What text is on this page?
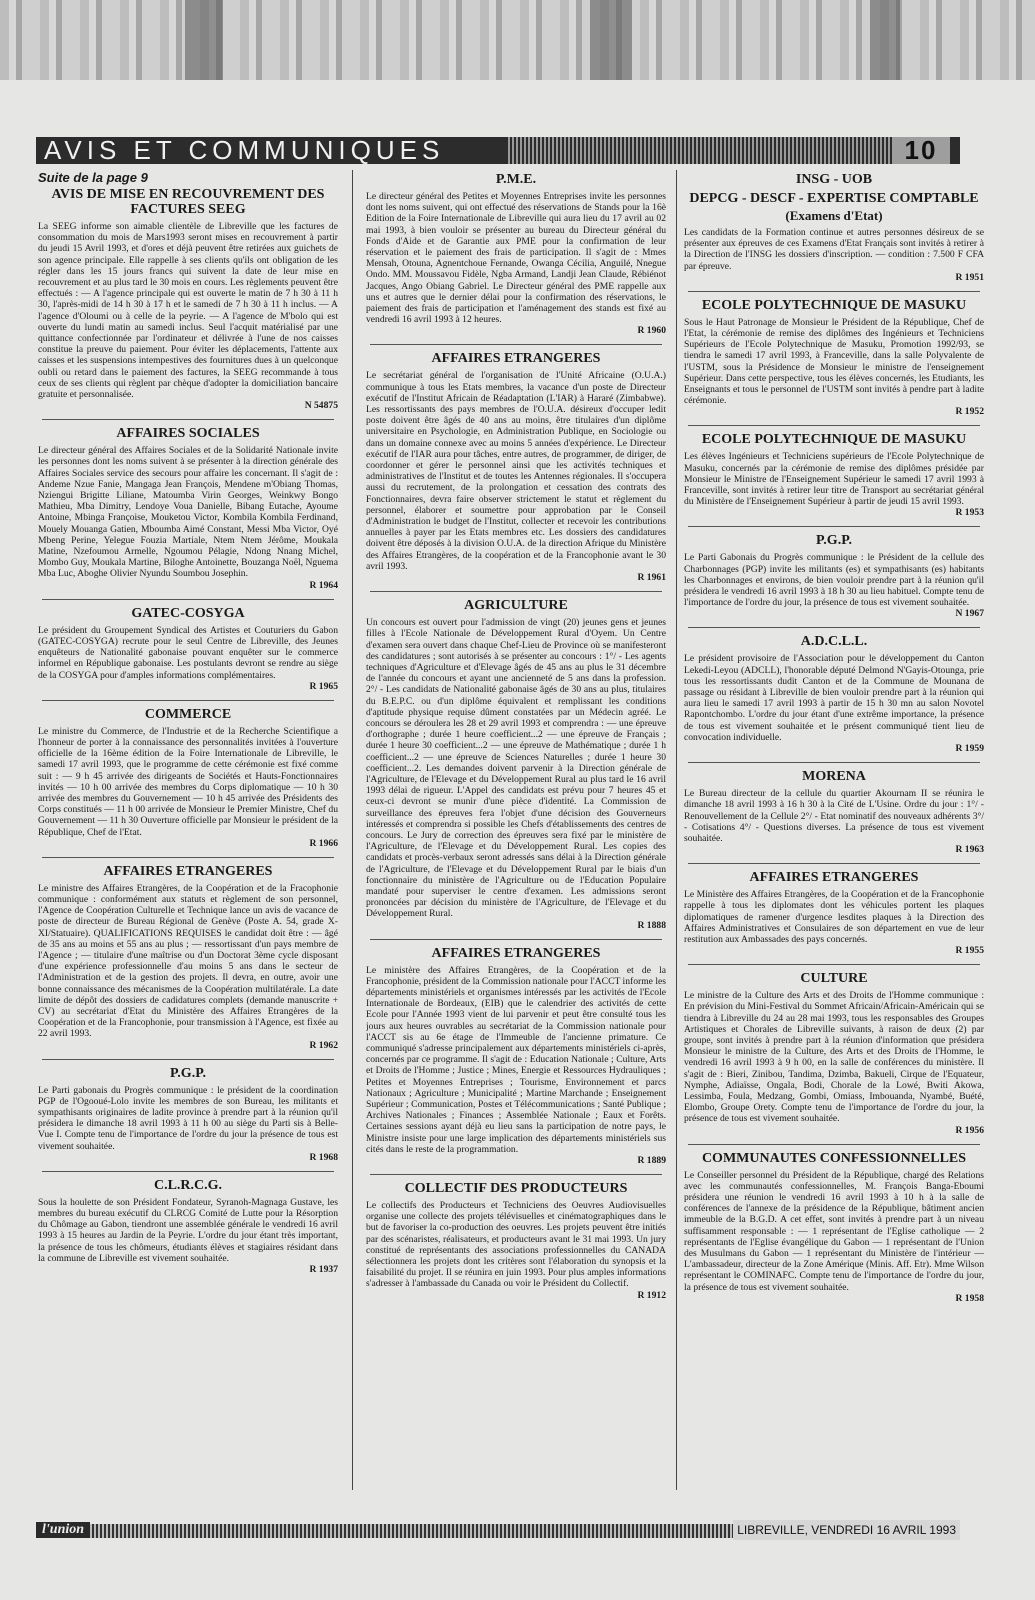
AVIS ET COMMUNIQUES	10
Suite de la page 9
AVIS DE MISE EN RECOUVREMENT DES FACTURES SEEG
La SEEG informe son aimable clientèle de Libreville que les factures de consommation du mois de Mars1993 seront mises en recouvrement à partir du jeudi 15 Avril 1993, et d'ores et déjà peuvent être retirées aux guichets de son agence principale. Elle rappelle à ses clients qu'ils ont obligation de les régler dans les 15 jours francs qui suivent la date de leur mise en recouvrement et au plus tard le 30 mois en cours. Les règlements peuvent être effectués : — A l'agence principale qui est ouverte le matin de 7 h 30 à 11 h 30, l'après-midi de 14 h 30 à 17 h et le samedi de 7 h 30 à 11 h inclus. — A l'agence d'Oloumi ou à celle de la peyrie. — A l'agence de M'bolo qui est ouverte du lundi matin au samedi inclus. Seul l'acquit matérialisé par une quittance confectionnée par l'ordinateur et délivrée à l'une de nos caisses constitue la preuve du paiement. Pour éviter les déplacements, l'attente aux caisses et les suspensions intempestives des fournitures dues à un quelconque oubli ou retard dans le paiement des factures, la SEEG recommande à tous ceux de ses clients qui règlent par chèque d'adopter la domiciliation bancaire gratuite et personnalisée.
N 54875
AFFAIRES SOCIALES
Le directeur général des Affaires Sociales et de la Solidarité Nationale invite les personnes dont les noms suivent à se présenter à la direction générale des Affaires Sociales service des secours pour affaire les concernant. Il s'agit de : Andeme Nzue Fanie, Mangaga Jean François, Mendene m'Obiang Thomas, Nziengui Brigitte Liliane, Matoumba Virin Georges, Weinkwy Bongo Mathieu, Mba Dimitry, Lendoye Voua Danielle, Bibang Eutache, Ayoume Antoine, Mbinga Françoise, Mouketou Victor, Kombila Kombila Ferdinand, Mouely Mouanga Gatien, Mboumba Aimé Constant, Messi Mba Victor, Oyé Mbeng Perine, Yelegue Fouzia Martiale, Ntem Ntem Jérôme, Moukala Matine, Nzefoumou Armelle, Ngoumou Pélagie, Ndong Nnang Michel, Mombo Guy, Moukala Martine, Biloghe Antoinette, Bouzanga Noël, Nguema Mba Luc, Aboghe Olivier Nyundu Soumbou Josephin.
R 1964
GATEC-COSYGA
Le président du Groupement Syndical des Artistes et Couturiers du Gabon (GATEC-COSYGA) recrute pour le seul Centre de Libreville, des Jeunes enquêteurs de Nationalité gabonaise pouvant enquêter sur le commerce informel en République gabonaise. Les postulants devront se rendre au siège de la COSYGA pour d'amples informations complémentaires.
R 1965
COMMERCE
Le ministre du Commerce, de l'Industrie et de la Recherche Scientifique a l'honneur de porter à la connaissance des personnalités invitées à l'ouverture officielle de la 16ème édition de la Foire Internationale de Libreville, le samedi 17 avril 1993, que le programme de cette cérémonie est fixé comme suit : — 9 h 45 arrivée des dirigeants de Sociétés et Hauts-Fonctionnaires invités — 10 h 00 arrivée des membres du Corps diplomatique — 10 h 30 arrivée des membres du Gouvernement — 10 h 45 arrivée des Présidents des Corps constitués — 11 h 00 arrivée de Monsieur le Premier Ministre, Chef du Gouvernement — 11 h 30 Ouverture officielle par Monsieur le président de la République, Chef de l'Etat.
R 1966
AFFAIRES ETRANGERES
Le ministre des Affaires Etrangères, de la Coopération et de la Fracophonie communique : conformément aux statuts et règlement de son personnel, l'Agence de Coopération Culturelle et Technique lance un avis de vacance de poste de directeur de Bureau Régional de Genève (Poste A. 54, grade X-XI/Statuaire). QUALIFICATIONS REQUISES le candidat doit être : — âgé de 35 ans au moins et 55 ans au plus ; — ressortissant d'un pays membre de l'Agence ; — titulaire d'une maîtrise ou d'un Doctorat 3ème cycle disposant d'une expérience professionnelle d'au moins 5 ans dans le secteur de l'Administration et de la gestion des projets. Il devra, en outre, avoir une bonne connaissance des mécanismes de la Coopération multilatérale. La date limite de dépôt des dossiers de cadidatures complets (demande manuscrite + CV) au secrétariat d'Etat du Ministère des Affaires Etrangères de la Coopération et de la Francophonie, pour transmission à l'Agence, est fixée au 22 avril 1993.
R 1962
P.G.P.
Le Parti gabonais du Progrès communique : le président de la coordination PGP de l'Ogooué-Lolo invite les membres de son Bureau, les militants et sympathisants originaires de ladite province à prendre part à la réunion qu'il présidera le dimanche 18 avril 1993 à 11 h 00 au siège du Parti sis à Belle-Vue I. Compte tenu de l'importance de l'ordre du jour la présence de tous est vivement souhaitée.
R 1968
C.L.R.C.G.
Sous la houlette de son Président Fondateur, Syranoh-Magnaga Gustave, les membres du bureau exécutif du CLRCG Comité de Lutte pour la Résorption du Chômage au Gabon, tiendront une assemblée générale le vendredi 16 avril 1993 à 15 heures au Jardin de la Peyrie. L'ordre du jour étant très important, la présence de tous les chômeurs, étudiants élèves et stagiaires résidant dans la commune de Libreville est vivement souhaitée.
R 1937
P.M.E.
Le directeur général des Petites et Moyennes Entreprises invite les personnes dont les noms suivent, qui ont effectué des réservations de Stands pour la 16è Edition de la Foire Internationale de Libreville qui aura lieu du 17 avril au 02 mai 1993, à bien vouloir se présenter au bureau du Directeur général du Fonds d'Aide et de Garantie aux PME pour la confirmation de leur réservation et le paiement des frais de participation. Il s'agit de : Mmes Mensah, Otouna, Agnentchoue Fernande, Owanga Cécilia, Anguilé, Nnegue Ondo. MM. Moussavou Fidèle, Ngba Armand, Landji Jean Claude, Rébiénot Jacques, Ango Obiang Gabriel. Le Directeur général des PME rappelle aux uns et autres que le dernier délai pour la confirmation des réservations, le paiement des frais de participation et l'aménagement des stands est fixé au vendredi 16 avril 1993 à 12 heures.
R 1960
AFFAIRES ETRANGERES
Le secrétariat général de l'organisation de l'Unité Africaine (O.U.A.) communique à tous les Etats membres, la vacance d'un poste de Directeur exécutif de l'Institut Africain de Réadaptation (L'IAR) à Hararé (Zimbabwe). Les ressortissants des pays membres de l'O.U.A. désireux d'occuper ledit poste doivent être âgés de 40 ans au moins, être titulaires d'un diplôme universitaire en Psychologie, en Administration Publique, en Sociologie ou dans un domaine connexe avec au moins 5 années d'expérience. Le Directeur exécutif de l'IAR aura pour tâches, entre autres, de programmer, de diriger, de coordonner et gérer le personnel ainsi que les activités techniques et administratives de l'Institut et de toutes les Antennes régionales. Il s'occupera aussi du recrutement, de la prolongation et cessation des contrats des Fonctionnaires, devra faire observer strictement le statut et règlement du personnel, élaborer et soumettre pour approbation par le Conseil d'Administration le budget de l'Institut, collecter et recevoir les contributions annuelles à payer par les Etats membres etc. Les dossiers des candidatures doivent être déposés à la division O.U.A. de la direction Afrique du Ministère des Affaires Etrangères, de la coopération et de la Francophonie avant le 30 avril 1993.
R 1961
AGRICULTURE
Un concours est ouvert pour l'admission de vingt (20) jeunes gens et jeunes filles à l'Ecole Nationale de Développement Rural d'Oyem. Un Centre d'examen sera ouvert dans chaque Chef-Lieu de Province où se manifesteront des candidatures ; sont autorisés à se présenter au concours : 1°/ - Les agents techniques d'Agriculture et d'Elevage âgés de 45 ans au plus le 31 décembre de l'année du concours et ayant une ancienneté de 5 ans dans la profession. 2°/ - Les candidats de Nationalité gabonaise âgés de 30 ans au plus, titulaires du B.E.P.C. ou d'un diplôme équivalent et remplissant les conditions d'aptitude physique requise dûment constatées par un Médecin agréé. Le concours se déroulera les 28 et 29 avril 1993 et comprendra : — une épreuve d'orthographe ; durée 1 heure coefficient...2 — une épreuve de Français ; durée 1 heure 30 coefficient...2 — une épreuve de Mathématique ; durée 1 h coefficient...2 — une épreuve de Sciences Naturelles ; durée 1 heure 30 coefficient...2. Les demandes doivent parvenir à la Direction générale de l'Agriculture, de l'Elevage et du Développement Rural au plus tard le 16 avril 1993 délai de rigueur. L'Appel des candidats est prévu pour 7 heures 45 et ceux-ci devront se munir d'une pièce d'identité. La Commission de surveillance des épreuves fera l'objet d'une décision des Gouverneurs intéressés et comprendra si possible les Chefs d'établissements des centres de concours. Le Jury de correction des épreuves sera fixé par le ministère de l'Agriculture, de l'Elevage et du Développement Rural. Les copies des candidats et procès-verbaux seront adressés sans délai à la Direction générale de l'Agriculture, de l'Elevage et du Développement Rural par le biais d'un fonctionnaire du ministère de l'Agriculture ou de l'Education Populaire mandaté pour superviser le centre d'examen. Les admissions seront prononcées par décision du ministère de l'Agriculture, de l'Elevage et du Développement Rural.
R 1888
AFFAIRES ETRANGERES
Le ministère des Affaires Etrangères, de la Coopération et de la Francophonie, président de la Commission nationale pour l'ACCT informe les départements ministériels et organismes intéressés par les activités de l'Ecole Internationale de Bordeaux, (EIB) que le calendrier des activités de cette Ecole pour l'Année 1993 vient de lui parvenir et peut être consulté tous les jours aux heures ouvrables au secrétariat de la Commission nationale pour l'ACCT sis au 6e étage de l'Immeuble de l'ancienne primature. Ce communiqué s'adresse principalement aux départements ministériels ci-après, concernés par ce programme. Il s'agit de : Education Nationale ; Culture, Arts et Droits de l'Homme ; Justice ; Mines, Energie et Ressources Hydrauliques ; Petites et Moyennes Entreprises ; Tourisme, Environnement et parcs Nationaux ; Agriculture ; Municipalité ; Martine Marchande ; Enseignement Supérieur ; Communication, Postes et Télécommunications ; Santé Publique ; Archives Nationales ; Finances ; Assemblée Nationale ; Eaux et Forêts. Certaines sessions ayant déjà eu lieu sans la participation de notre pays, le Ministre insiste pour une large implication des départements ministériels sus cités dans le reste de la programmation.
R 1889
COLLECTIF DES PRODUCTEURS
Le collectifs des Producteurs et Techniciens des Oeuvres Audiovisuelles organise une collecte des projets télévisuelles et cinématographiques dans le but de favoriser la co-production des oeuvres. Les projets peuvent être initiés par des scénaristes, réalisateurs, et producteurs avant le 31 mai 1993. Un jury constitué de représentants des associations professionnelles du CANADA sélectionnera les projets dont les critères sont l'élaboration du synopsis et la faisabilité du projet. Il se réunira en juin 1993. Pour plus amples informations s'adresser à l'ambassade du Canada ou voir le Président du Collectif.
R 1912
INSG - UOB
DEPCG - DESCF - EXPERTISE COMPTABLE
(Examens d'Etat)
Les candidats de la Formation continue et autres personnes désireux de se présenter aux épreuves de ces Examens d'Etat Français sont invités à retirer à la Direction de l'INSG les dossiers d'inscription. — condition : 7.500 F CFA par épreuve.
R 1951
ECOLE POLYTECHNIQUE DE MASUKU
Sous le Haut Patronage de Monsieur le Président de la République, Chef de l'Etat, la cérémonie de remise des diplômes des Ingénieurs et Techniciens Supérieurs de l'Ecole Polytechnique de Masuku, Promotion 1992/93, se tiendra le samedi 17 avril 1993, à Franceville, dans la salle Polyvalente de l'USTM, sous la Présidence de Monsieur le ministre de l'enseignement Supérieur. Dans cette perspective, tous les élèves concernés, les Etudiants, les Enseignants et tous le personnel de l'USTM sont invités à pendre part à ladite cérémonie.
R 1952
ECOLE POLYTECHNIQUE DE MASUKU
Les élèves Ingénieurs et Techniciens supérieurs de l'Ecole Polytechnique de Masuku, concernés par la cérémonie de remise des diplômes présidée par Monsieur le Ministre de l'Enseignement Supérieur le samedi 17 avril 1993 à Franceville, sont invités à retirer leur titre de Transport au secrétariat général du Ministère de l'Enseignement Supérieur à partir de jeudi 15 avril 1993.
R 1953
P.G.P.
Le Parti Gabonais du Progrès communique : le Président de la cellule des Charbonnages (PGP) invite les militants (es) et sympathisants (es) habitants les Charbonnages et environs, de bien vouloir prendre part à la réunion qu'il présidera le vendredi 16 avril 1993 à 18 h 30 au lieu habituel. Compte tenu de l'importance de l'ordre du jour, la présence de tous est vivement souhaitée.
N 1967
A.D.C.L.L.
Le président provisoire de l'Association pour le développement du Canton Lekedi-Leyou (ADCLL), l'honorable député Delmond N'Gayis-Otounga, prie tous les ressortissants dudit Canton et de la Commune de Mounana de passage ou résidant à Libreville de bien vouloir prendre part à la réunion qui aura lieu le samedi 17 avril 1993 à partir de 15 h 30 mn au salon Novotel Rapontchombo. L'ordre du jour étant d'une extrême importance, la présence de tous est vivement souhaitée et le présent communiqué tient lieu de convocation individuelle.
R 1959
MORENA
Le Bureau directeur de la cellule du quartier Akournam II se réunira le dimanche 18 avril 1993 à 16 h 30 à la Cité de L'Usine. Ordre du jour : 1°/ - Renouvellement de la Cellule 2°/ - Etat nominatif des nouveaux adhérents 3°/ - Cotisations 4°/ - Questions diverses. La présence de tous est vivement souhaitée.
R 1963
AFFAIRES ETRANGERES
Le Ministère des Affaires Etrangères, de la Coopération et de la Francophonie rappelle à tous les diplomates dont les véhicules portent les plaques diplomatiques de ramener d'urgence lesdites plaques à la Direction des Affaires Administratives et Consulaires de son département en vue de leur restitution aux Ambassades des pays concernés.
R 1955
CULTURE
Le ministre de la Culture des Arts et des Droits de l'Homme communique : En prévision du Mini-Festival du Sommet Africain/Africain-Américain qui se tiendra à Libreville du 24 au 28 mai 1993, tous les responsables des Groupes Artistiques et Chorales de Libreville suivants, à raison de deux (2) par groupe, sont invités à prendre part à la réunion d'information que présidera Monsieur le ministre de la Culture, des Arts et des Droits de l'Homme, le vendredi 16 avril 1993 à 9 h 00, en la salle de conférences du ministère. Il s'agit de : Bieri, Zinibou, Tandima, Dzimba, Bakueli, Cirque de l'Equateur, Nymphe, Adiaïsse, Ongala, Bodi, Chorale de la Lowé, Bwiti Akowa, Lessimba, Foula, Medzang, Gombi, Omiass, Imbouanda, Nyambé, Buété, Elombo, Groupe Orety. Compte tenu de l'importance de l'ordre du jour, la présence de tous est vivement souhaitée.
R 1956
COMMUNAUTES CONFESSIONNELLES
Le Conseiller personnel du Président de la République, chargé des Relations avec les communautés confessionnelles, M. François Banga-Eboumi présidera une réunion le vendredi 16 avril 1993 à 10 h à la salle de conférences de l'annexe de la présidence de la République, bâtiment ancien immeuble de la B.G.D. A cet effet, sont invités à prendre part à un niveau suffisamment responsable : — 1 représentant de l'Eglise catholique — 2 représentants de l'Eglise évangélique du Gabon — 1 représentant de l'Union des Musulmans du Gabon — 1 représentant du Ministère de l'intérieur — L'ambassadeur, directeur de la Zone Amérique (Minis. Aff. Etr). Mme Wilson représentant le COMINAFC. Compte tenu de l'importance de l'ordre du jour, la présence de tous est vivement souhaitée.
R 1958
l'union	LIBREVILLE, VENDREDI 16 AVRIL 1993
